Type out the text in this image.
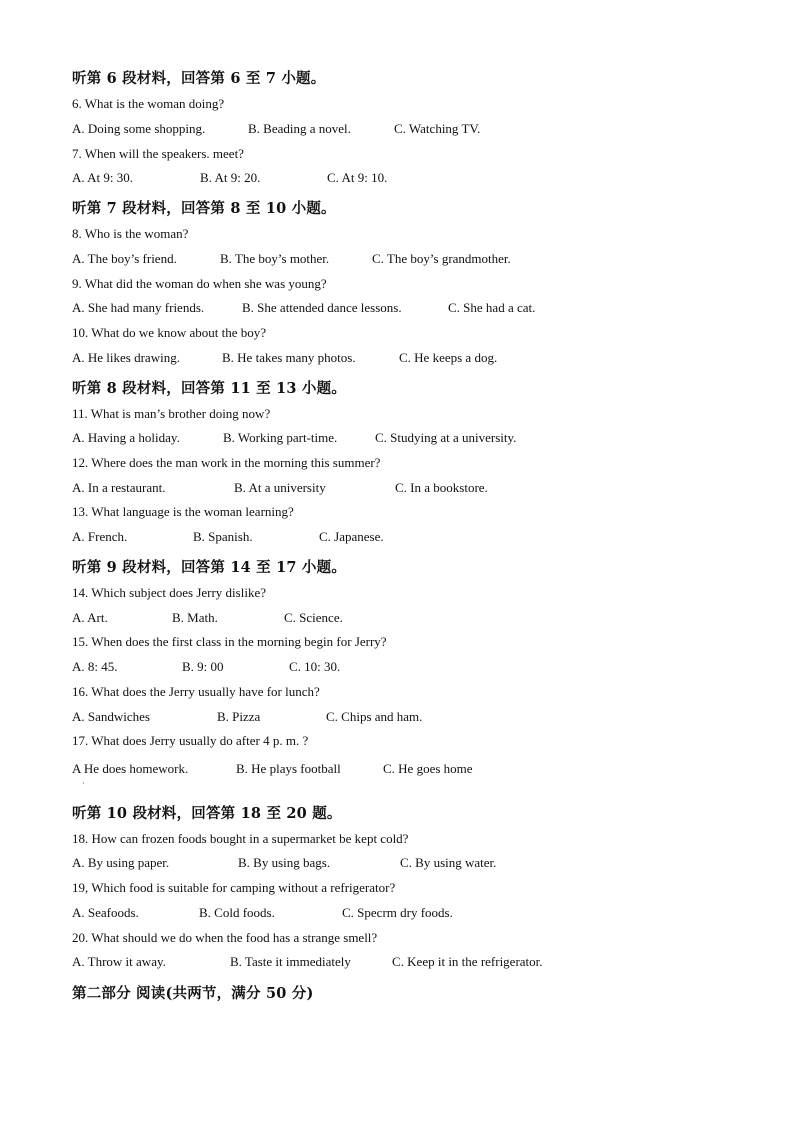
听第 6 段材料，回答第 6 至 7 小题。
6. What is the woman doing?
A. Doing some shopping.	B. Beading a novel.	C. Watching TV.
7. When will the speakers. meet?
A. At 9: 30.	B. At 9: 20.	C. At 9: 10.
听第 7 段材料，回答第 8 至 10 小题。
8. Who is the woman?
A. The boy’s friend.	B. The boy’s mother.	C. The boy’s grandmother.
9. What did the woman do when she was young?
A. She had many friends.	B. She attended dance lessons.	C. She had a cat.
10. What do we know about the boy?
A. He likes drawing.	B. He takes many photos.	C. He keeps a dog.
听第 8 段材料，回答第 11 至 13 小题。
11. What is man’s brother doing now?
A. Having a holiday.	B. Working part-time.	C. Studying at a university.
12. Where does the man work in the morning this summer?
A. In a restaurant.	B. At a university	C. In a bookstore.
13. What language is the woman learning?
A. French.	B. Spanish.	C. Japanese.
听第 9 段材料，回答第 14 至 17 小题。
14. Which subject does Jerry dislike?
A. Art.	B. Math.	C. Science.
15. When does the first class in the morning begin for Jerry?
A. 8: 45.	B. 9: 00	C. 10: 30.
16. What does the Jerry usually have for lunch?
A. Sandwiches	B. Pizza	C. Chips and ham.
17. What does Jerry usually do after 4 p. m. ?
A He does homework.	B. He plays football	C. He goes home
·
听第 10 段材料，回答第 18 至 20 题。
18. How can frozen foods bought in a supermarket be kept cold?
A. By using paper.	B. By using bags.	C. By using water.
19, Which food is suitable for camping without a refrigerator?
A. Seafoods.	B. Cold foods.	C. Specrm dry foods.
20. What should we do when the food has a strange smell?
A. Throw it away.	B. Taste it immediately	C. Keep it in the refrigerator.
第二部分 阅读(共两节，满分 50 分)
